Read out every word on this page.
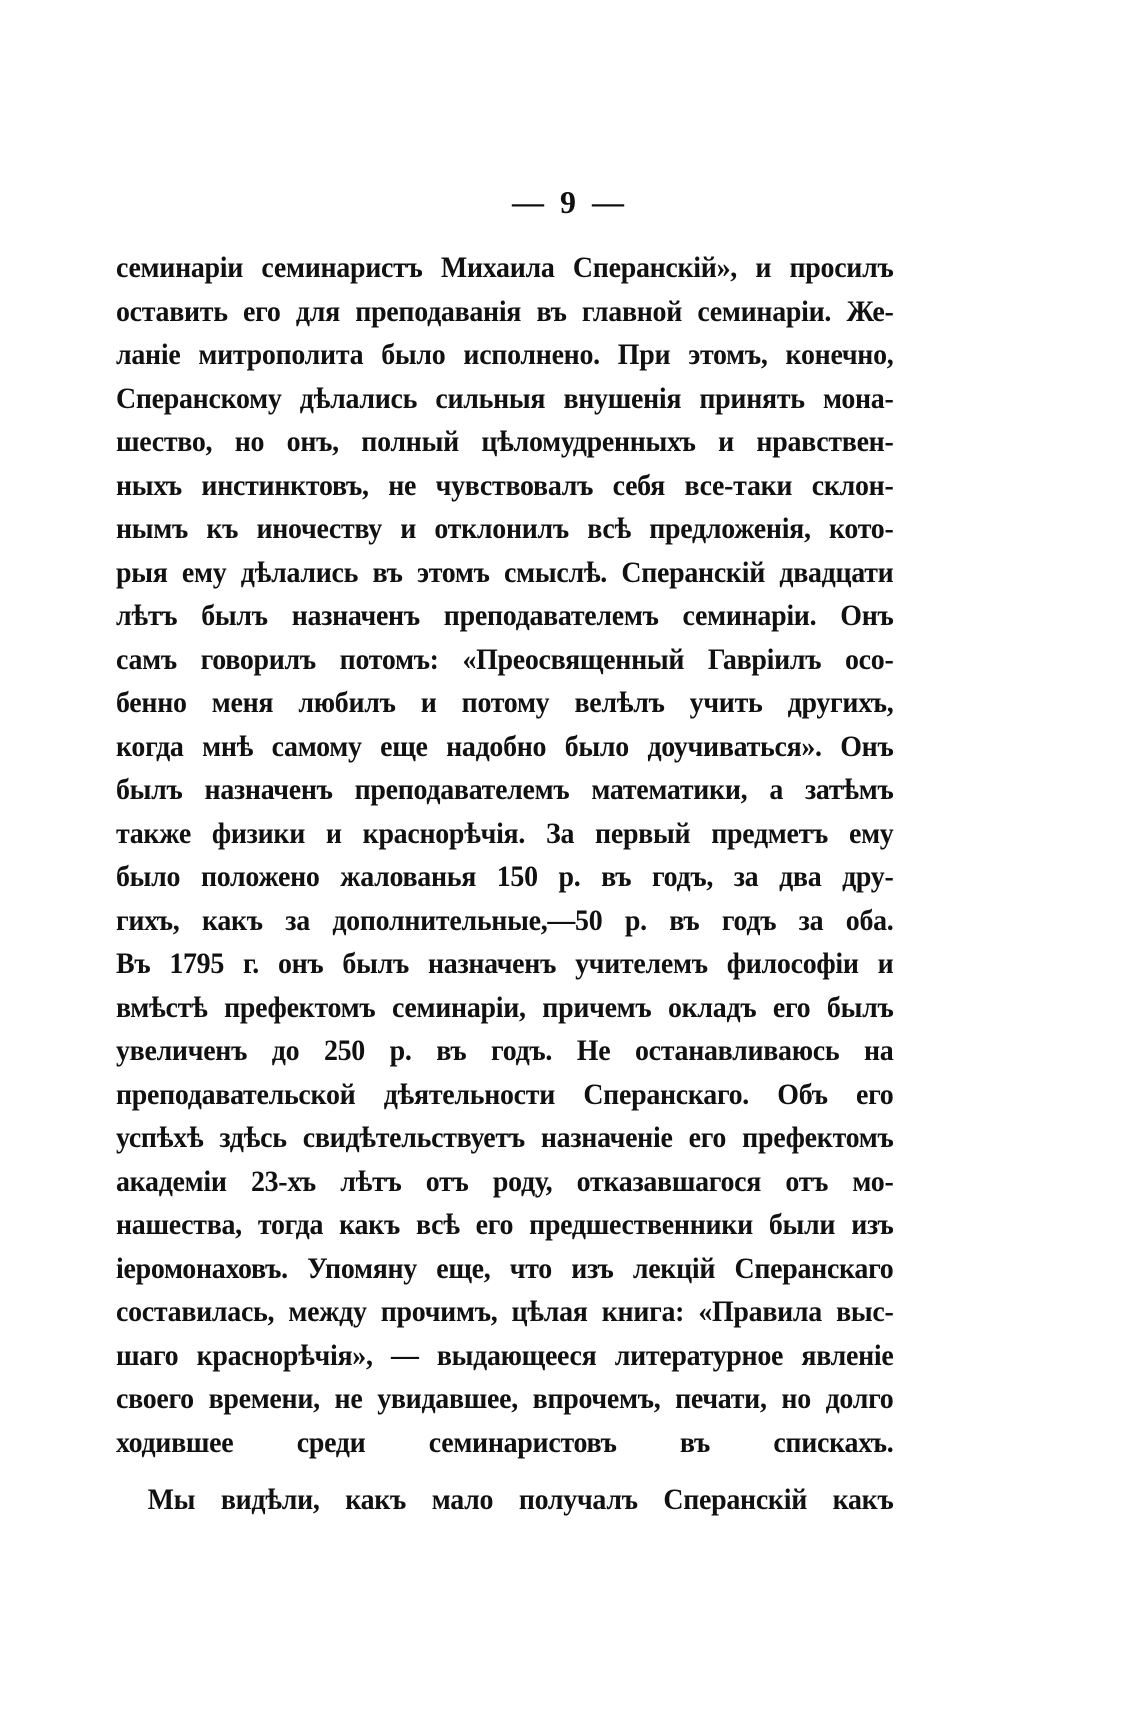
— 9 —
семинаріи семинаристъ Михаила Сперанскій», и просилъ
оставить его для преподаванія въ главной семинаріи. Же-
ланіе митрополита было исполнено. При этомъ, конечно,
Сперанскому дѣлались сильныя внушенія принять мона-
шество, но онъ, полный цѣломудренныхъ и нравствен-
ныхъ инстинктовъ, не чувствовалъ себя все-таки склон-
нымъ къ иночеству и отклонилъ всѣ предложенія, кото-
рыя ему дѣлались въ этомъ смыслѣ. Сперанскій двадцати
лѣтъ былъ назначенъ преподавателемъ семинаріи. Онъ
самъ говорилъ потомъ: «Преосвященный Гавріилъ осо-
бенно меня любилъ и потому велѣлъ учить другихъ,
когда мнѣ самому еще надобно было доучиваться». Онъ
былъ назначенъ преподавателемъ математики, а затѣмъ
также физики и краснорѣчія. За первый предметъ ему
было положено жалованья 150 р. въ годъ, за два дру-
гихъ, какъ за дополнительные,—50 р. въ годъ за оба.
Въ 1795 г. онъ былъ назначенъ учителемъ философіи и
вмѣстѣ префектомъ семинаріи, причемъ окладъ его былъ
увеличенъ до 250 р. въ годъ. Не останавливаюсь на
преподавательской дѣятельности Сперанскаго. Объ его
успѣхѣ здѣсь свидѣтельствуетъ назначеніе его префектомъ
академіи 23-хъ лѣтъ отъ роду, отказавшагося отъ мо-
нашества, тогда какъ всѣ его предшественники были изъ
іеромонаховъ. Упомяну еще, что изъ лекцій Сперанскаго
составилась, между прочимъ, цѣлая книга: «Правила выс-
шаго краснорѣчія», — выдающееся литературное явленіе
своего времени, не увидавшее, впрочемъ, печати, но долго
ходившее среди семинаристовъ въ спискахъ.
Мы видѣли, какъ мало получалъ Сперанскій какъ
